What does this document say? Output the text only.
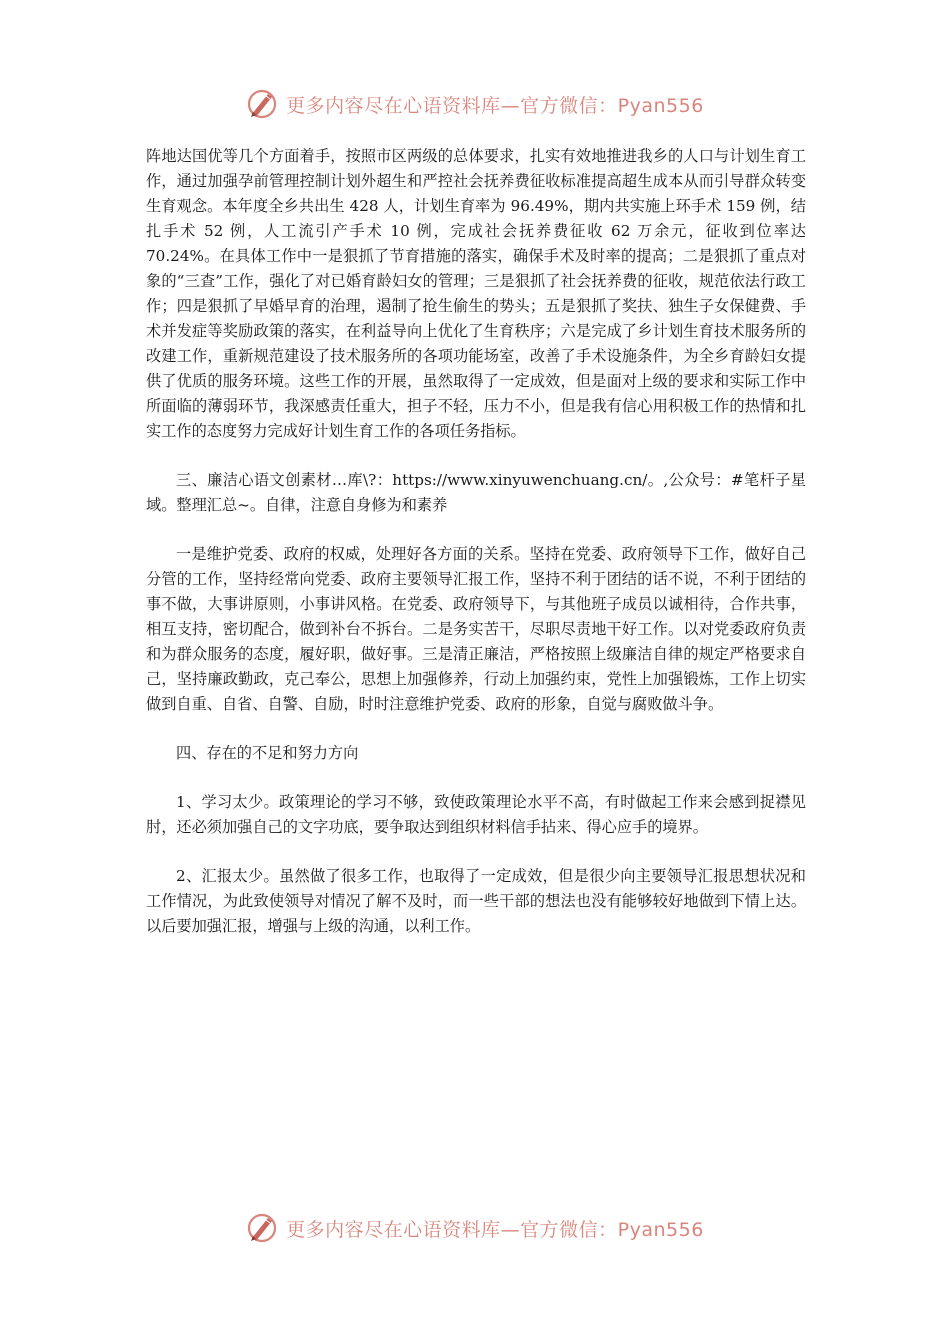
更多内容尽在心语资料库—官方微信：Pyan556

阵地达国优等几个方面着手，按照市区两级的总体要求，扎实有效地推进我乡的人口与计划生育工作，通过加强孕前管理控制计划外超生和严控社会抚养费征收标准提高超生成本从而引导群众转变生育观念。本年度全乡共出生 428 人，计划生育率为 96.49%，期内共实施上环手术 159 例，结扎手术 52 例，人工流引产手术 10 例，完成社会抚养费征收 62 万余元，征收到位率达 70.24%。在具体工作中一是狠抓了节育措施的落实，确保手术及时率的提高；二是狠抓了重点对象的“三查”工作，强化了对已婚育龄妇女的管理；三是狠抓了社会抚养费的征收，规范依法行政工作；四是狠抓了早婚早育的治理，遏制了抢生偷生的势头；五是狠抓了奖扶、独生子女保健费、手术并发症等奖励政策的落实，在利益导向上优化了生育秩序；六是完成了乡计划生育技术服务所的改建工作，重新规范建设了技术服务所的各项功能场室，改善了手术设施条件，为全乡育龄妇女提供了优质的服务环境。这些工作的开展，虽然取得了一定成效，但是面对上级的要求和实际工作中所面临的薄弱环节，我深感责任重大，担子不轻，压力不小，但是我有信心用积极工作的热情和扎实工作的态度努力完成好计划生育工作的各项任务指标。

三、廉洁心语文创素材…库\?：https://www.xinyuwenchuang.cn/。,公众号：#笔杆子星域。整理汇总~。自律，注意自身修为和素养

一是维护党委、政府的权威，处理好各方面的关系。坚持在党委、政府领导下工作，做好自己分管的工作，坚持经常向党委、政府主要领导汇报工作，坚持不利于团结的话不说，不利于团结的事不做，大事讲原则，小事讲风格。在党委、政府领导下，与其他班子成员以诚相待，合作共事，相互支持，密切配合，做到补台不拆台。二是务实苦干，尽职尽责地干好工作。以对党委政府负责和为群众服务的态度，履好职，做好事。三是清正廉洁，严格按照上级廉洁自律的规定严格要求自己，坚持廉政勤政，克己奉公，思想上加强修养，行动上加强约束，党性上加强锻炼，工作上切实做到自重、自省、自警、自励，时时注意维护党委、政府的形象，自觉与腐败做斗争。

四、存在的不足和努力方向

1、学习太少。政策理论的学习不够，致使政策理论水平不高，有时做起工作来会感到捉襟见肘，还必须加强自己的文字功底，要争取达到组织材料信手拈来、得心应手的境界。

2、汇报太少。虽然做了很多工作，也取得了一定成效，但是很少向主要领导汇报思想状况和工作情况，为此致使领导对情况了解不及时，而一些干部的想法也没有能够较好地做到下情上达。以后要加强汇报，增强与上级的沟通，以利工作。

更多内容尽在心语资料库—官方微信：Pyan556
